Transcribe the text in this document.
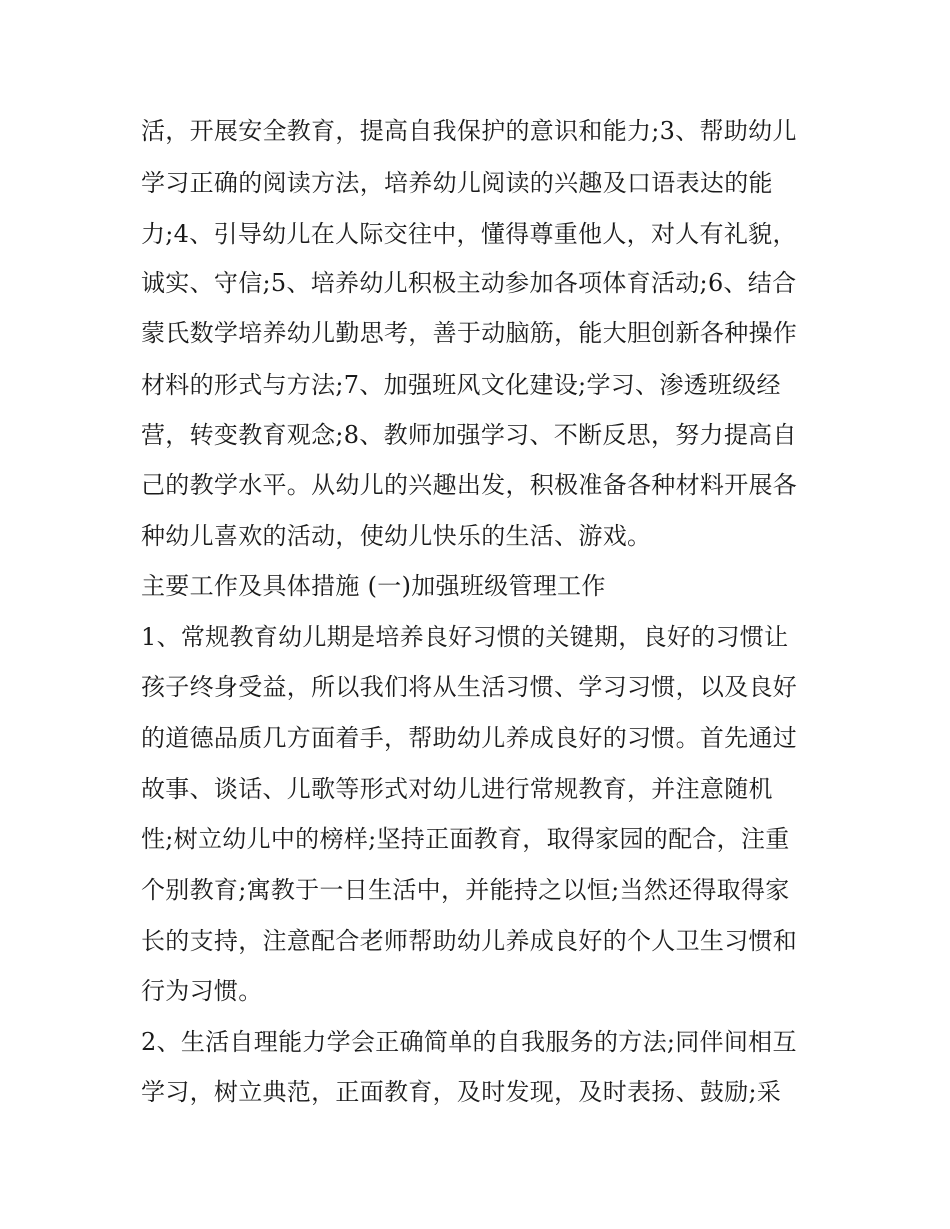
活，开展安全教育，提高自我保护的意识和能力;3、帮助幼儿
学习正确的阅读方法，培养幼儿阅读的兴趣及口语表达的能
力;4、引导幼儿在人际交往中，懂得尊重他人，对人有礼貌，
诚实、守信;5、培养幼儿积极主动参加各项体育活动;6、结合
蒙氏数学培养幼儿勤思考，善于动脑筋，能大胆创新各种操作
材料的形式与方法;7、加强班风文化建设;学习、渗透班级经
营，转变教育观念;8、教师加强学习、不断反思，努力提高自
己的教学水平。从幼儿的兴趣出发，积极准备各种材料开展各
种幼儿喜欢的活动，使幼儿快乐的生活、游戏。
主要工作及具体措施 (一)加强班级管理工作
1、常规教育幼儿期是培养良好习惯的关键期，良好的习惯让
孩子终身受益，所以我们将从生活习惯、学习习惯，以及良好
的道德品质几方面着手，帮助幼儿养成良好的习惯。首先通过
故事、谈话、儿歌等形式对幼儿进行常规教育，并注意随机
性;树立幼儿中的榜样;坚持正面教育，取得家园的配合，注重
个别教育;寓教于一日生活中，并能持之以恒;当然还得取得家
长的支持，注意配合老师帮助幼儿养成良好的个人卫生习惯和
行为习惯。
2、生活自理能力学会正确简单的自我服务的方法;同伴间相互
学习，树立典范，正面教育，及时发现，及时表扬、鼓励;采
